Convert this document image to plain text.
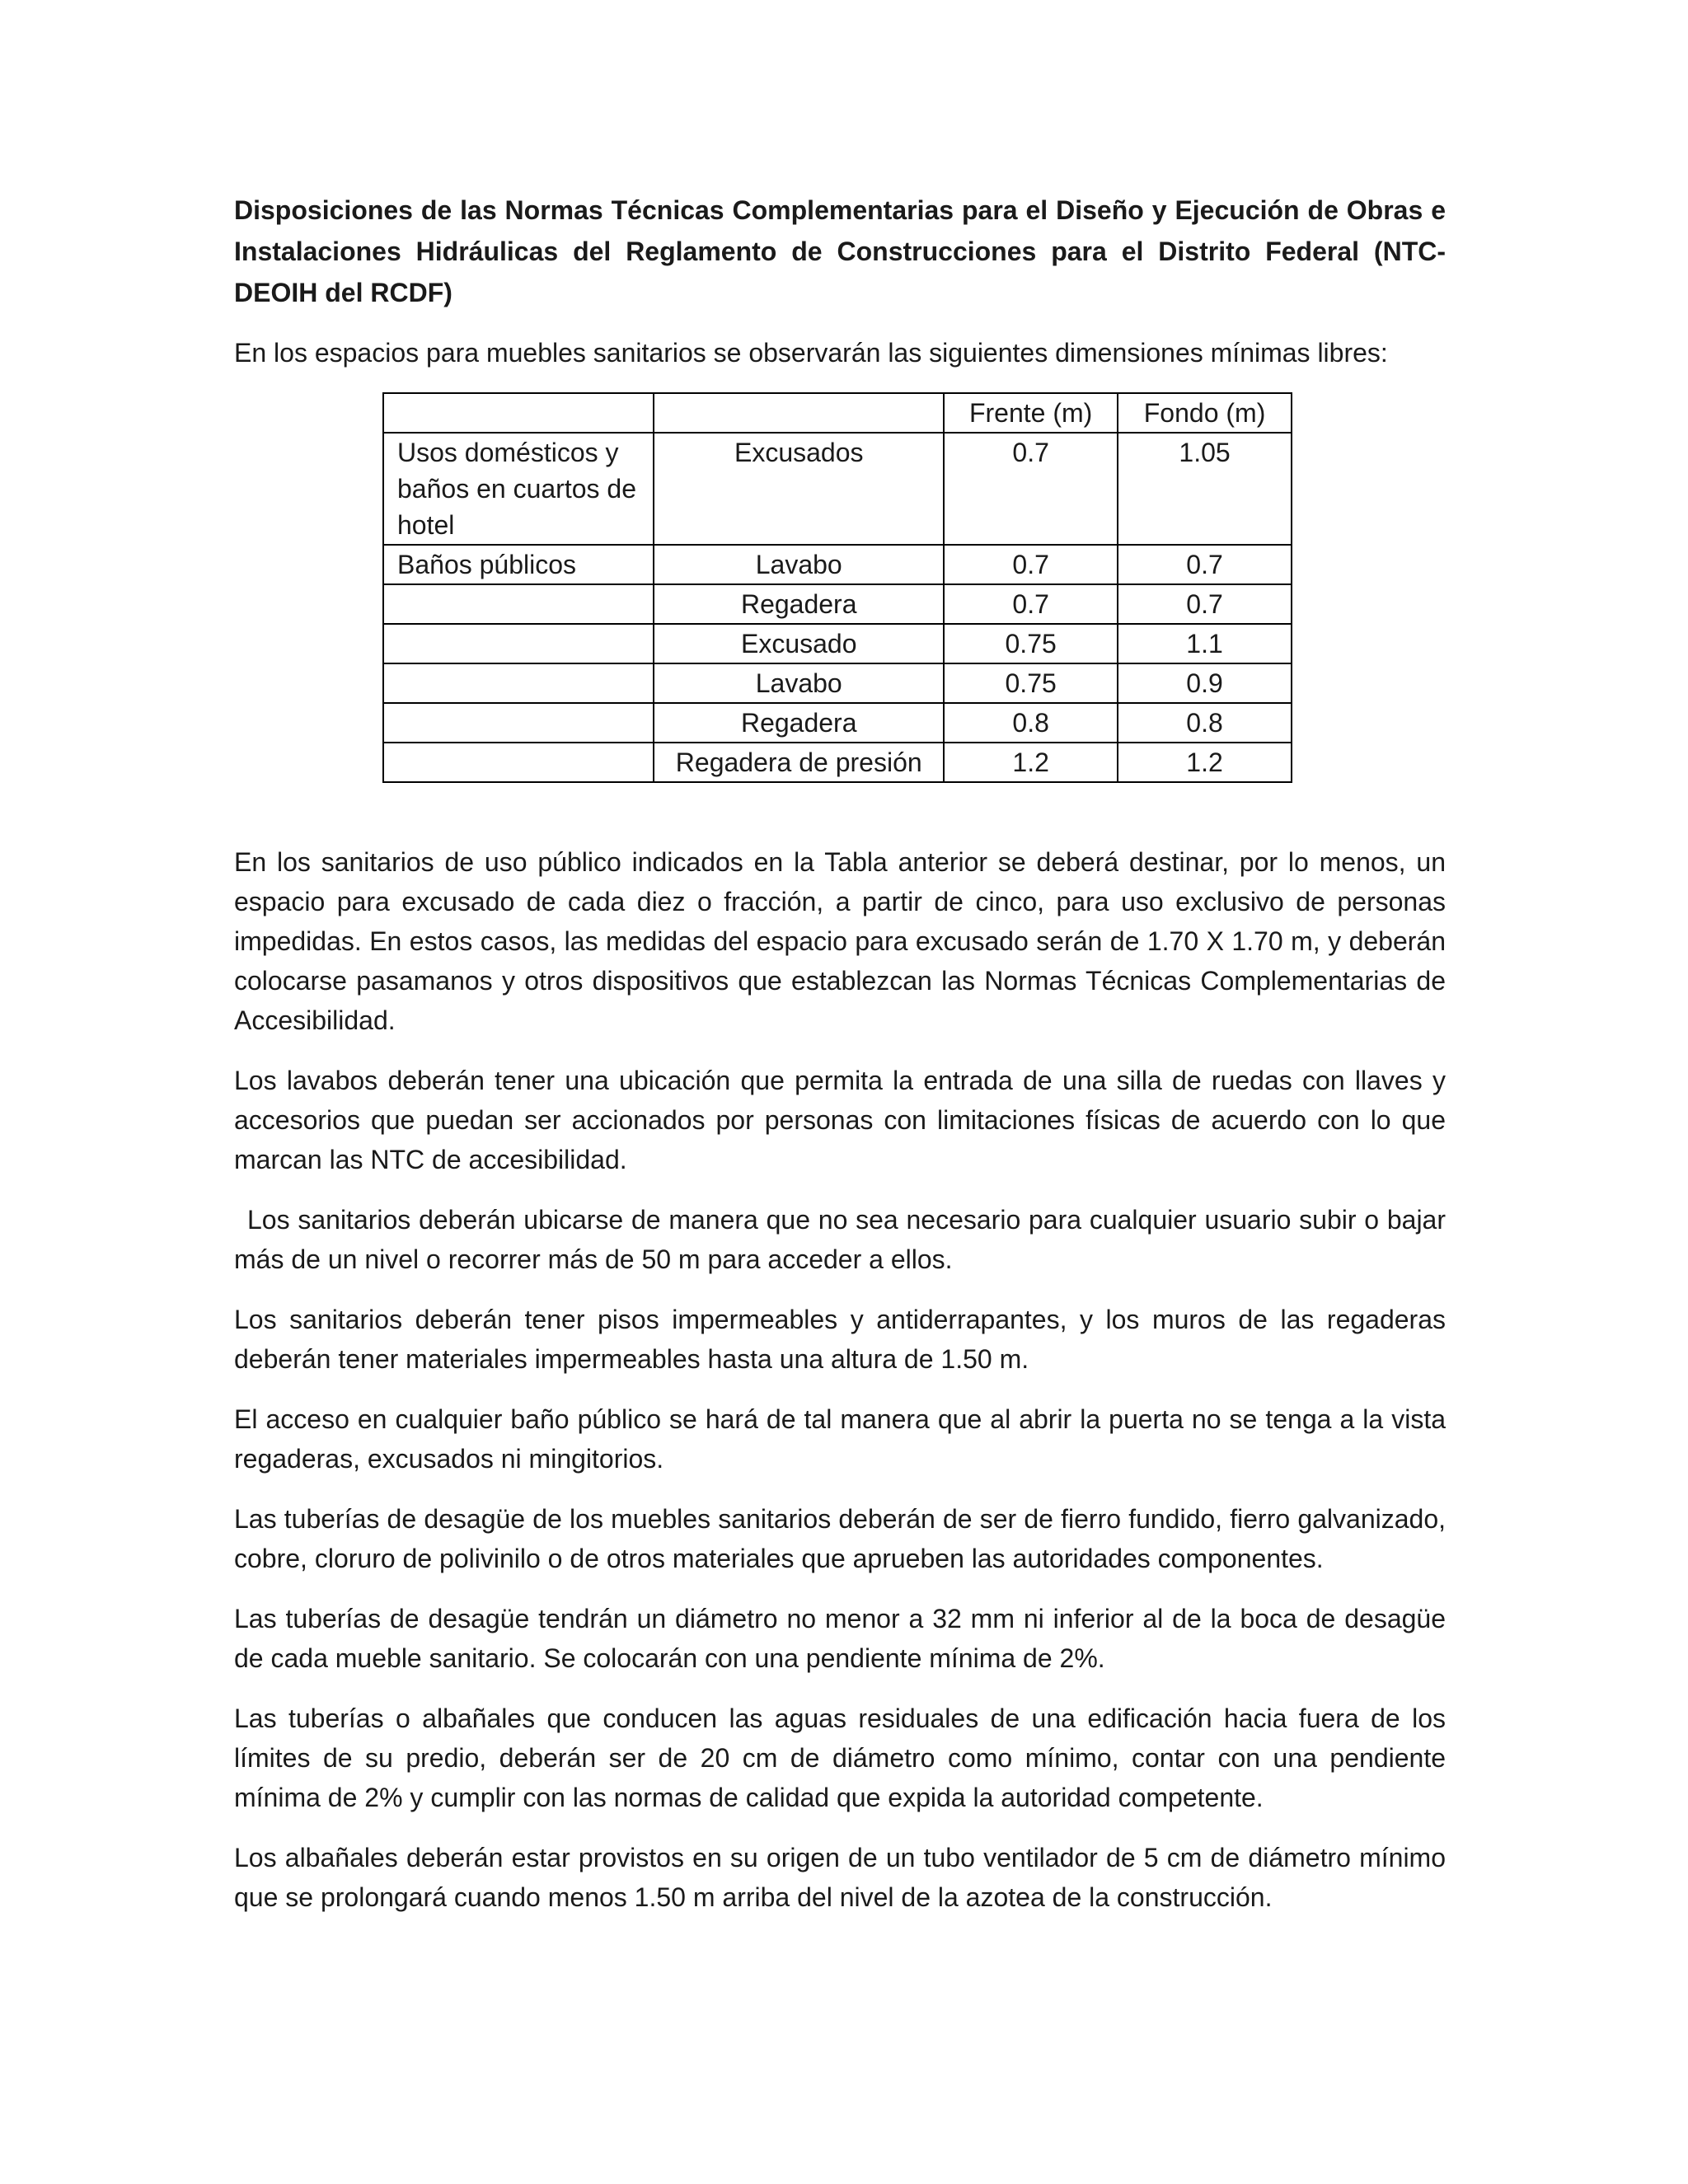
Disposiciones de las Normas Técnicas Complementarias para el Diseño y Ejecución de Obras e Instalaciones Hidráulicas del Reglamento de Construcciones para el Distrito Federal (NTC-DEOIH del RCDF)

En los espacios para muebles sanitarios se observarán las siguientes dimensiones mínimas libres:

		Frente (m)	Fondo (m)
Usos domésticos y baños en cuartos de hotel	Excusados	0.7	1.05
Baños públicos	Lavabo	0.7	0.7
	Regadera	0.7	0.7
	Excusado	0.75	1.1
	Lavabo	0.75	0.9
	Regadera	0.8	0.8
	Regadera de presión	1.2	1.2

En los sanitarios de uso público indicados en la Tabla anterior se deberá destinar, por lo menos, un espacio para excusado de cada diez o fracción, a partir de cinco, para uso exclusivo de personas impedidas. En estos casos, las medidas del espacio para excusado serán de 1.70 X 1.70 m, y deberán colocarse pasamanos y otros dispositivos que establezcan las Normas Técnicas Complementarias de Accesibilidad.

Los lavabos deberán tener una ubicación que permita la entrada de una silla de ruedas con llaves y accesorios que puedan ser accionados por personas con limitaciones físicas de acuerdo con lo que marcan las NTC de accesibilidad.

Los sanitarios deberán ubicarse de manera que no sea necesario para cualquier usuario subir o bajar más de un nivel o recorrer más de 50 m para acceder a ellos.

Los sanitarios deberán tener pisos impermeables y antiderrapantes, y los muros de las regaderas deberán tener materiales impermeables hasta una altura de 1.50 m.

El acceso en cualquier baño público se hará de tal manera que al abrir la puerta no se tenga a la vista regaderas, excusados ni mingitorios.

Las tuberías de desagüe de los muebles sanitarios deberán de ser de fierro fundido, fierro galvanizado, cobre, cloruro de polivinilo o de otros materiales que aprueben las autoridades componentes.

Las tuberías de desagüe tendrán un diámetro no menor a 32 mm ni inferior al de la boca de desagüe de cada mueble sanitario. Se colocarán con una pendiente mínima de 2%.

Las tuberías o albañales que conducen las aguas residuales de una edificación hacia fuera de los límites de su predio, deberán ser de 20 cm de diámetro como mínimo, contar con una pendiente mínima de 2% y cumplir con las normas de calidad que expida la autoridad competente.

Los albañales deberán estar provistos en su origen de un tubo ventilador de 5 cm de diámetro mínimo que se prolongará cuando menos 1.50 m arriba del nivel de la azotea de la construcción.
